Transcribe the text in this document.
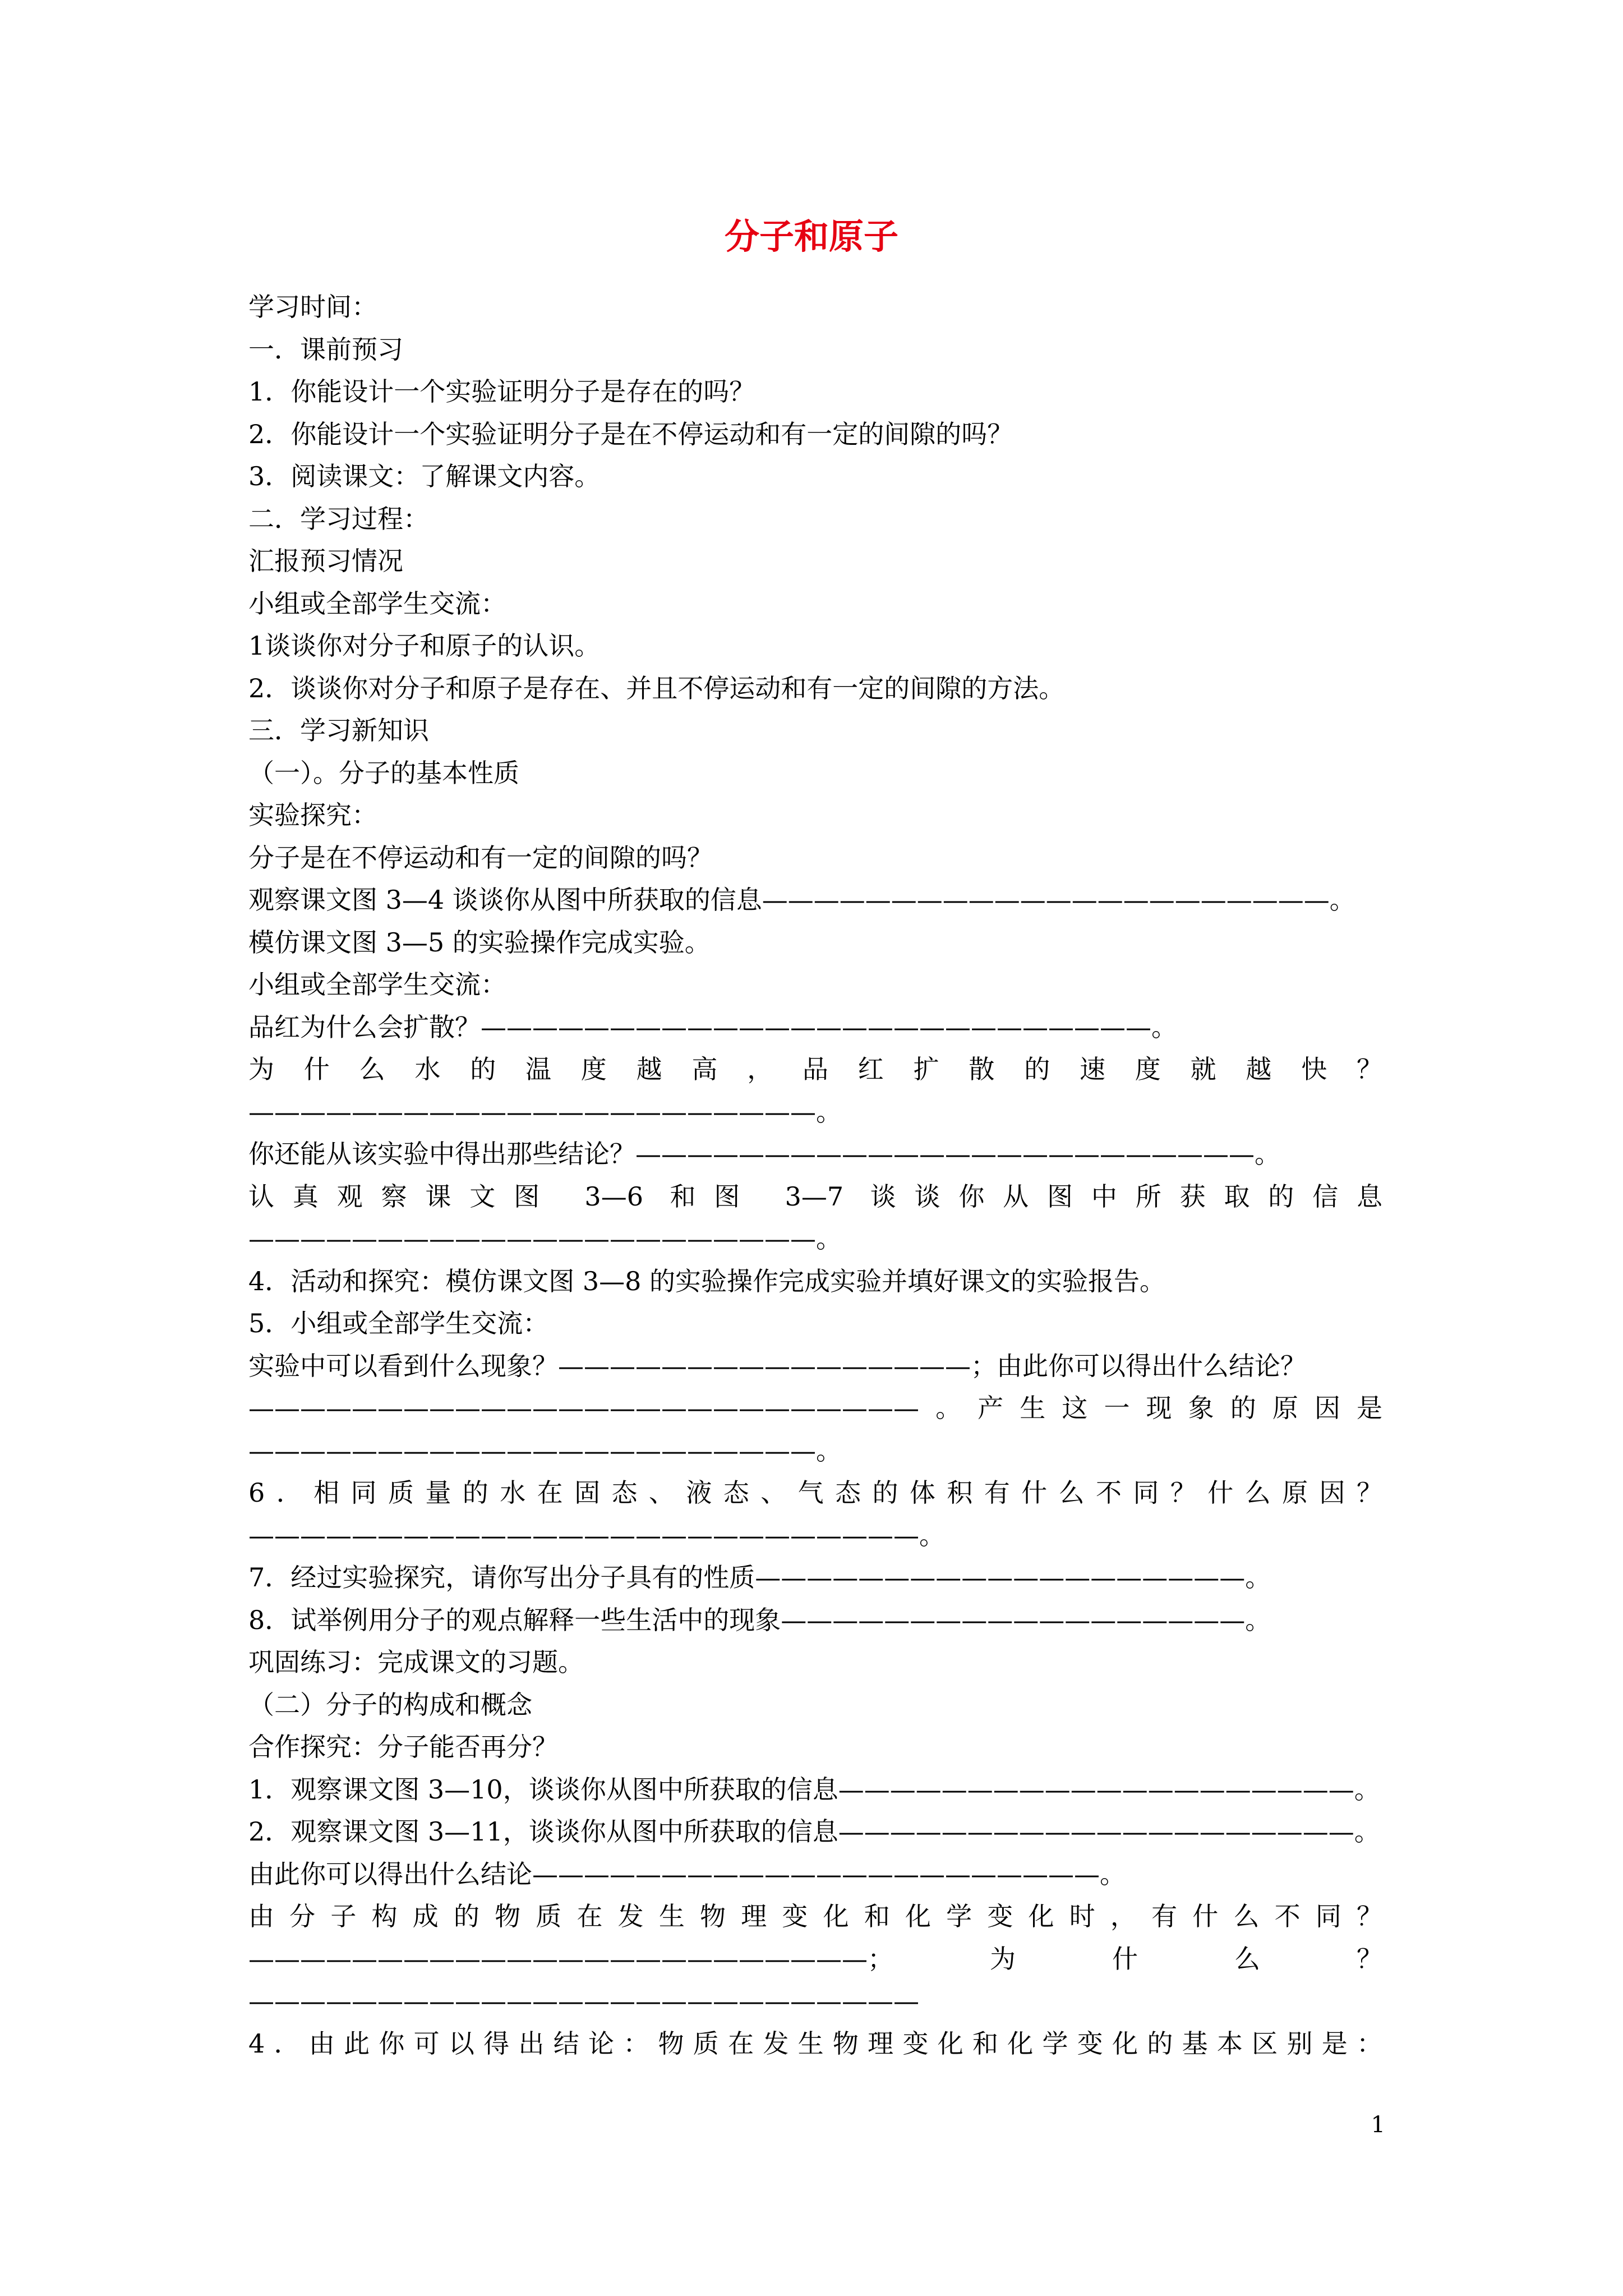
分子和原子
学习时间：
一．课前预习
1．你能设计一个实验证明分子是存在的吗？
2．你能设计一个实验证明分子是在不停运动和有一定的间隙的吗？
3．阅读课文：了解课文内容。
二．学习过程：
汇报预习情况
小组或全部学生交流：
1谈谈你对分子和原子的认识。
2．谈谈你对分子和原子是存在、并且不停运动和有一定的间隙的方法。
三．学习新知识
（一）。分子的基本性质
实验探究：
分子是在不停运动和有一定的间隙的吗？
观察课文图 3—4 谈谈你从图中所获取的信息——————————————————————。
模仿课文图 3—5 的实验操作完成实验。
小组或全部学生交流：
品红为什么会扩散？——————————————————————————。
为什么水的温度越高，品红扩散的速度就越快？
——————————————————————。
你还能从该实验中得出那些结论？————————————————————————。
认真观察课文图 3—6 和图 3—7 谈谈你从图中所获取的信息
——————————————————————。
4．活动和探究：模仿课文图 3—8 的实验操作完成实验并填好课文的实验报告。
5．小组或全部学生交流：
实验中可以看到什么现象？————————————————；由此你可以得出什么结论？
——————————————————————————。产生这一现象的原因是
——————————————————————。
6．相同质量的水在固态、液态、气态的体积有什么不同？什么原因？
——————————————————————————。
7．经过实验探究，请你写出分子具有的性质———————————————————。
8．试举例用分子的观点解释一些生活中的现象——————————————————。
巩固练习：完成课文的习题。
（二）分子的构成和概念
合作探究：分子能否再分？
1．观察课文图 3—10，谈谈你从图中所获取的信息————————————————————。
2．观察课文图 3—11，谈谈你从图中所获取的信息————————————————————。
由此你可以得出什么结论——————————————————————。
由分子构成的物质在发生物理变化和化学变化时，有什么不同？
————————————————————————；为什么？
——————————————————————————
4．由此你可以得出结论：物质在发生物理变化和化学变化的基本区别是：
1
